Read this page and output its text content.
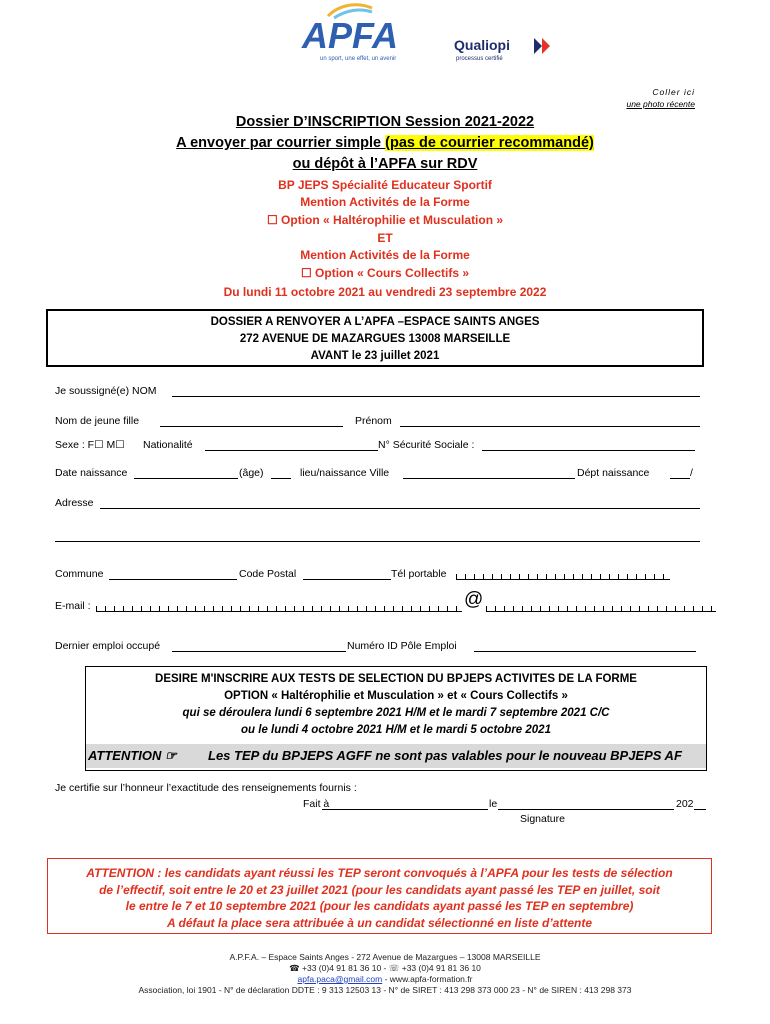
APFA
un sport, une effet, un avenir
Qualiopi
processus certifié
Coller ici
une photo récente
Dossier D’INSCRIPTION Session 2021-2022
A envoyer par courrier simple (pas de courrier recommandé)
ou dépôt à l’APFA sur RDV
BP JEPS Spécialité Educateur Sportif
Mention Activités de la Forme
☐ Option « Haltérophilie et Musculation »
ET
Mention Activités de la Forme
☐ Option « Cours Collectifs »
Du lundi 11 octobre 2021 au vendredi 23 septembre 2022
DOSSIER A RENVOYER A L’APFA –ESPACE SAINTS ANGES
272 AVENUE DE MAZARGUES 13008 MARSEILLE
AVANT le 23 juillet 2021
Je soussigné(e) NOM
Nom de jeune fille	Prénom
Sexe : F☐ M☐ Nationalité	N° Sécurité Sociale :
Date naissance	(âge)	lieu/naissance Ville	Dépt naissance	/
Adresse
Commune	Code Postal	Tél portable
E-mail :	@
Dernier emploi occupé	Numéro ID Pôle Emploi
DESIRE M'INSCRIRE AUX TESTS DE SELECTION DU BPJEPS ACTIVITES DE LA FORME
OPTION « Haltérophilie et Musculation » et « Cours Collectifs »
qui se déroulera lundi 6 septembre 2021 H/M et le mardi 7 septembre 2021 C/C
ou le lundi 4 octobre 2021 H/M et le mardi 5 octobre 2021
ATTENTION ☞ Les TEP du BPJEPS AGFF ne sont pas valables pour le nouveau BPJEPS AF
Je certifie sur l’honneur l’exactitude des renseignements fournis :
Fait à	le	202
Signature
ATTENTION : les candidats ayant réussi les TEP seront convoqués à l’APFA pour les tests de sélection
de l’effectif, soit entre le 20 et 23 juillet 2021 (pour les candidats ayant passé les TEP en juillet, soit
le entre le 7 et 10 septembre 2021 (pour les candidats ayant passé les TEP en septembre)
A défaut la place sera attribuée à un candidat sélectionné en liste d’attente
A.P.F.A. – Espace Saints Anges - 272 Avenue de Mazargues – 13008 MARSEILLE
☎ +33 (0)4 91 81 36 10 - ☏ +33 (0)4 91 81 36 10
apfa.paca@gmail.com - www.apfa-formation.fr
Association, loi 1901 - N° de déclaration DDTE : 9 313 12503 13 - N° de SIRET : 413 298 373 000 23 - N° de SIREN : 413 298 373
